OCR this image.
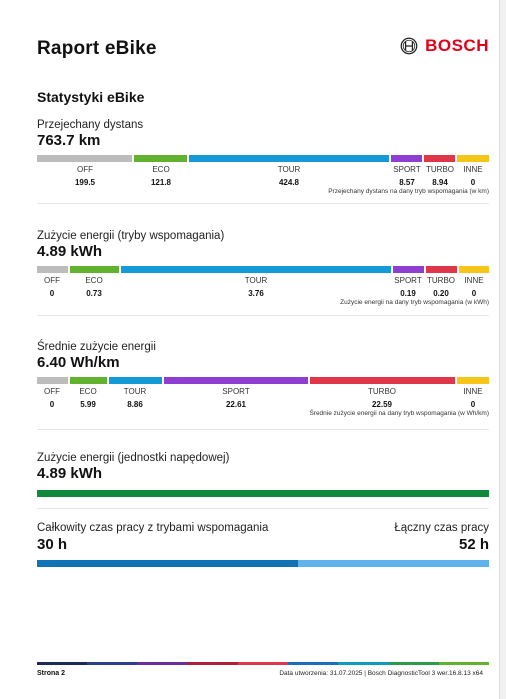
Raport eBike	BOSCH
Statystyki eBike
Przejechany dystans
763.7 km
OFF
199.5
ECO
121.8
TOUR
424.8
SPORT
8.57
TURBO
8.94
INNE
0
Przejechany dystans na dany tryb wspomagania (w km)
Zużycie energii (tryby wspomagania)
4.89 kWh
OFF
0
ECO
0.73
TOUR
3.76
SPORT
0.19
TURBO
0.20
INNE
0
Zużycie energii na dany tryb wspomagania (w kWh)
Średnie zużycie energii
6.40 Wh/km
OFF
0
ECO
5.99
TOUR
8.86
SPORT
22.61
TURBO
22.59
INNE
0
Średnie zużycie energii na dany tryb wspomagania (w Wh/km)
Zużycie energii (jednostki napędowej)
4.89 kWh
Całkowity czas pracy z trybami wspomagania
30 h
Łączny czas pracy
52 h
Strona 2	Data utworzenia: 31.07.2025 | Bosch DiagnosticTool 3 wer.16.8.13 x64
